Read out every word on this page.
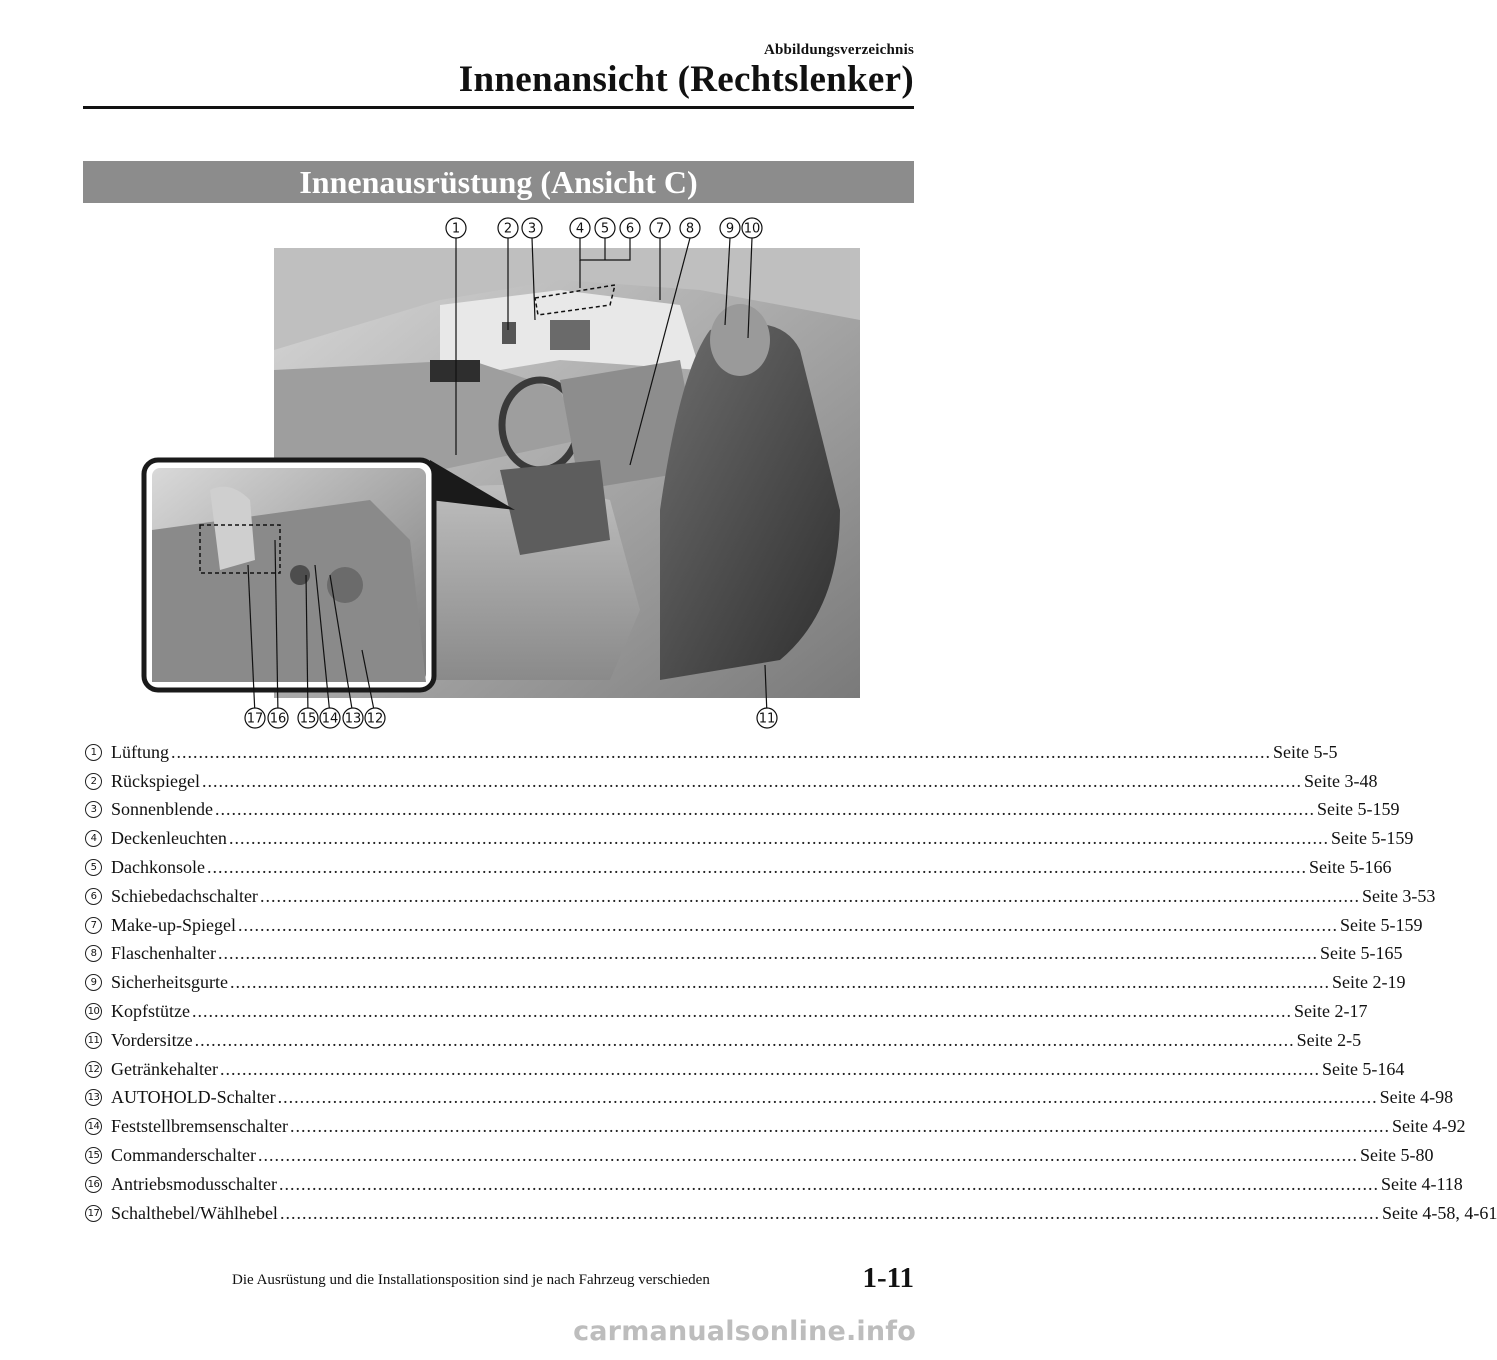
Abbildungsverzeichnis
Innenansicht (Rechtslenker)
Innenausrüstung (Ansicht C)
1	2 3	4 5 6 7 8 9 10
17 16 15 14 13 12	11
1 Lüftung ........................................................................................................................................................................................................ Seite 5-5
2 Rückspiegel ........................................................................................................................................................................................................ Seite 3-48
3 Sonnenblende ........................................................................................................................................................................................................ Seite 5-159
4 Deckenleuchten ........................................................................................................................................................................................................ Seite 5-159
5 Dachkonsole ........................................................................................................................................................................................................ Seite 5-166
6 Schiebedachschalter ........................................................................................................................................................................................................ Seite 3-53
7 Make-up-Spiegel ........................................................................................................................................................................................................ Seite 5-159
8 Flaschenhalter ........................................................................................................................................................................................................ Seite 5-165
9 Sicherheitsgurte ........................................................................................................................................................................................................ Seite 2-19
10 Kopfstütze ........................................................................................................................................................................................................ Seite 2-17
11 Vordersitze ........................................................................................................................................................................................................ Seite 2-5
12 Getränkehalter ........................................................................................................................................................................................................ Seite 5-164
13 AUTOHOLD-Schalter ........................................................................................................................................................................................................ Seite 4-98
14 Feststellbremsenschalter ........................................................................................................................................................................................................ Seite 4-92
15 Commanderschalter ........................................................................................................................................................................................................ Seite 5-80
16 Antriebsmodusschalter ........................................................................................................................................................................................................ Seite 4-118
17 Schalthebel/Wählhebel ........................................................................................................................................................................................................ Seite 4-58, 4-61
Die Ausrüstung und die Installationsposition sind je nach Fahrzeug verschieden	1-11
carmanualsonline.info
